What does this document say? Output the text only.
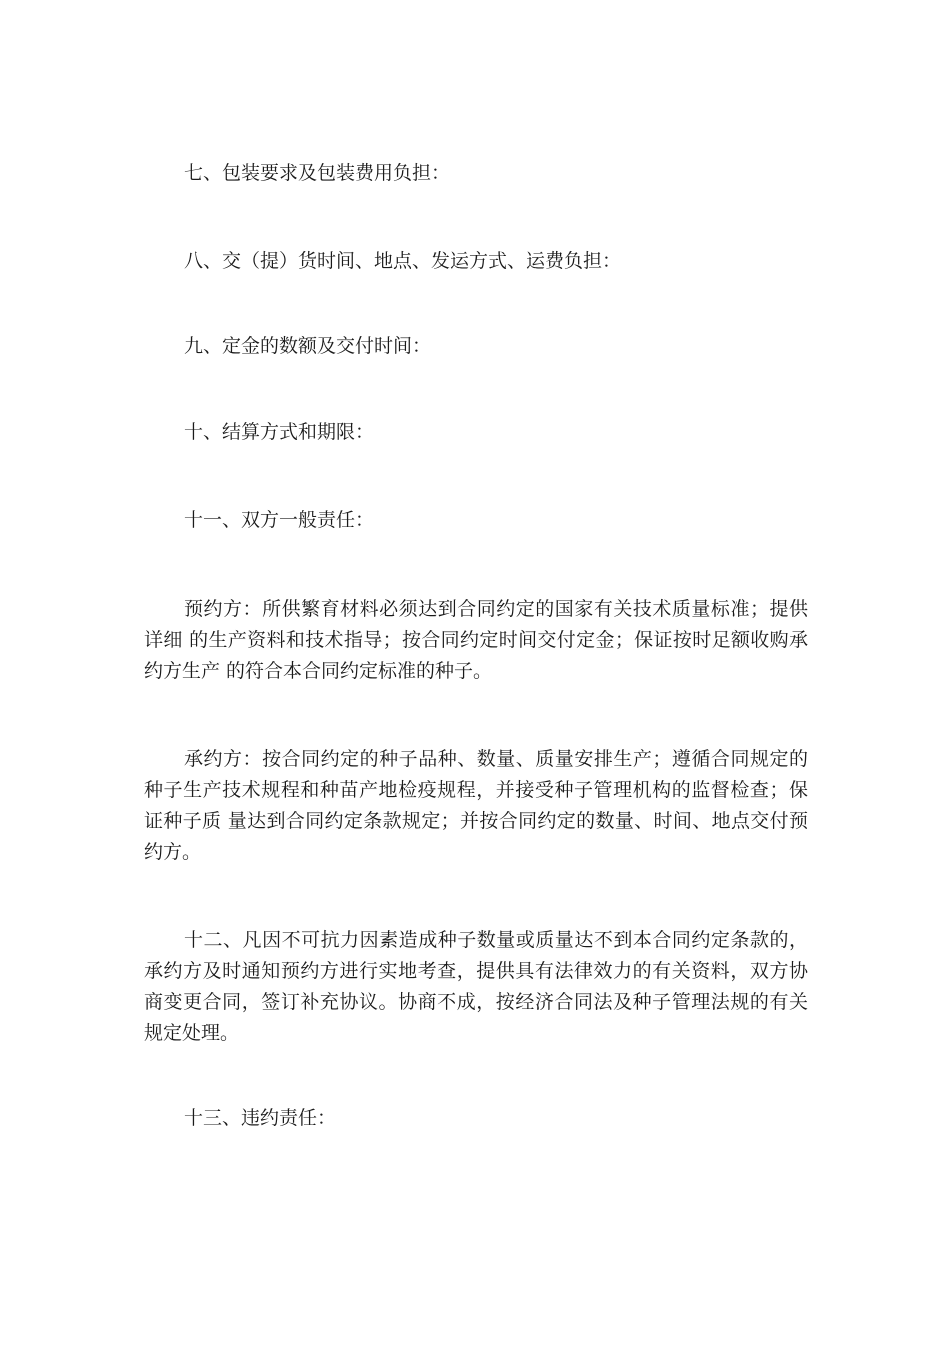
七、包装要求及包装费用负担：

八、交（提）货时间、地点、发运方式、运费负担：

九、定金的数额及交付时间：

十、结算方式和期限：

十一、双方一般责任：

预约方：所供繁育材料必须达到合同约定的国家有关技术质量标准；提供详细 的生产资料和技术指导；按合同约定时间交付定金；保证按时足额收购承约方生产 的符合本合同约定标准的种子。

承约方：按合同约定的种子品种、数量、质量安排生产；遵循合同规定的种子生产技术规程和种苗产地检疫规程，并接受种子管理机构的监督检查；保证种子质 量达到合同约定条款规定；并按合同约定的数量、时间、地点交付预约方。

十二、凡因不可抗力因素造成种子数量或质量达不到本合同约定条款的，承约方及时通知预约方进行实地考查，提供具有法律效力的有关资料，双方协商变更合同，签订补充协议。协商不成，按经济合同法及种子管理法规的有关规定处理。

十三、违约责任：
